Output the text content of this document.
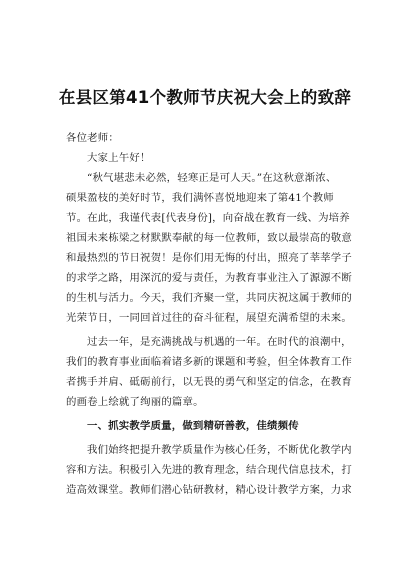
在县区第41个教师节庆祝大会上的致辞
各位老师：
大家上午好！
“秋气堪悲未必然，轻寒正是可人天。”在这秋意渐浓、
硕果盈枝的美好时节，我们满怀喜悦地迎来了第41个教师
节。在此，我谨代表[代表身份]，向奋战在教育一线、为培养
祖国未来栋梁之材默默奉献的每一位教师，致以最崇高的敬意
和最热烈的节日祝贺！是你们用无悔的付出，照亮了莘莘学子
的求学之路，用深沉的爱与责任，为教育事业注入了源源不断
的生机与活力。今天，我们齐聚一堂，共同庆祝这属于教师的
光荣节日，一同回首过往的奋斗征程，展望充满希望的未来。
过去一年，是充满挑战与机遇的一年。在时代的浪潮中，
我们的教育事业面临着诸多新的课题和考验，但全体教育工作
者携手并肩、砥砺前行，以无畏的勇气和坚定的信念，在教育
的画卷上绘就了绚丽的篇章。
一、抓实教学质量，做到精研善教，佳绩频传
我们始终把提升教学质量作为核心任务，不断优化教学内
容和方法。积极引入先进的教育理念，结合现代信息技术，打
造高效课堂。教师们潜心钻研教材，精心设计教学方案，力求
